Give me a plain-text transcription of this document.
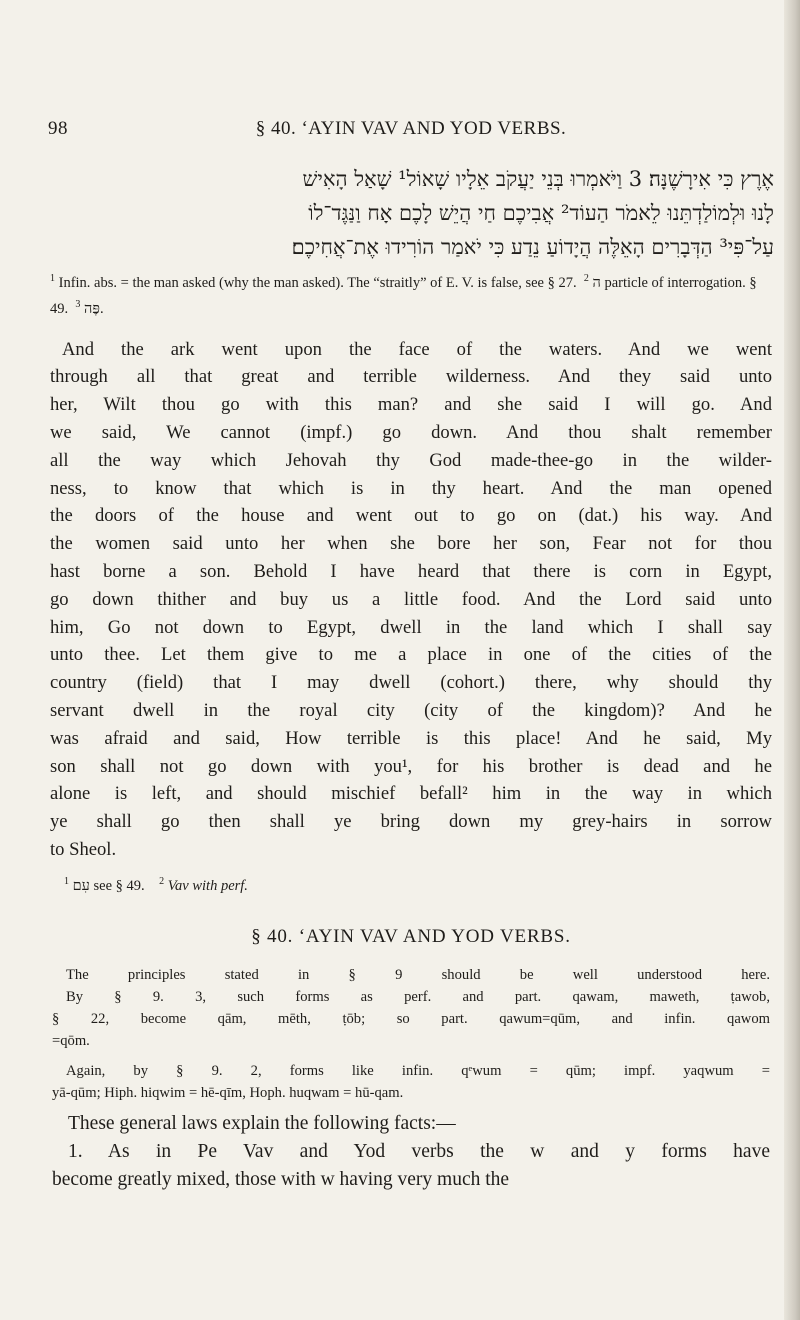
98	§ 40. ʻAYIN VAV AND YOD VERBS.
אֶרֶץ כִּי אִירָשֶׁנָּה׃ 3 וַיֹּאמְרוּ בְּנֵי יַעֲקֹב אֵלָיו שָׁאוֹל¹ שָׁאַל הָאִישׁ
לָנוּ וּלְמוֹלַדְתֵּנוּ לֵאמֹר הַעוֹד² אֲבִיכֶם חַי הֲיֵשׁ לָכֶם אָח וַנַּגֶּד־לוֹ
עַל־פִּי³ הַדְּבָרִים הָאֵלֶּה הֲיָדוֹעַ נֵדַע כִּי יֹאמַר הוֹרִידוּ אֶת־אֲחִיכֶם׃
$^1$ Infin. abs. = the man asked (why the man asked). The “straitly” of E. V. is false, see § 27. $^2$ ה particle of interrogation. § 49. $^3$ פֶּה.
And the ark went upon the face of the waters. And we went
through all that great and terrible wilderness. And they said unto
her, Wilt thou go with this man? and she said I will go. And
we said, We cannot (impf.) go down. And thou shalt remember
all the way which Jehovah thy God made-thee-go in the wilder-
ness, to know that which is in thy heart. And the man opened
the doors of the house and went out to go on (dat.) his way. And
the women said unto her when she bore her son, Fear not for thou
hast borne a son. Behold I have heard that there is corn in Egypt,
go down thither and buy us a little food. And the Lord said unto
him, Go not down to Egypt, dwell in the land which I shall say
unto thee. Let them give to me a place in one of the cities of the
country (field) that I may dwell (cohort.) there, why should thy
servant dwell in the royal city (city of the kingdom)? And he
was afraid and said, How terrible is this place! And he said, My
son shall not go down with you¹, for his brother is dead and he
alone is left, and should mischief befall² him in the way in which
ye shall go then shall ye bring down my grey-hairs in sorrow
to Sheol.
$^1$ עִם see § 49. $^2$ Vav with perf.
§ 40. ʻAYIN VAV AND YOD VERBS.
The principles stated in § 9 should be well understood here.
By § 9. 3, such forms as perf. and part. qawam, maweth, ṭawob,
§ 22, become qām, mēth, ṭōb; so part. qawum=qūm, and infin. qawom
=qōm.
Again, by § 9. 2, forms like infin. qᵉwum = qūm; impf. yaqwum =
yā-qūm; Hiph. hiqwim = hē-qīm, Hoph. huqwam = hū-qam.
These general laws explain the following facts:—
1. As in Pe Vav and Yod verbs the w and y forms have
become greatly mixed, those with w having very much the
